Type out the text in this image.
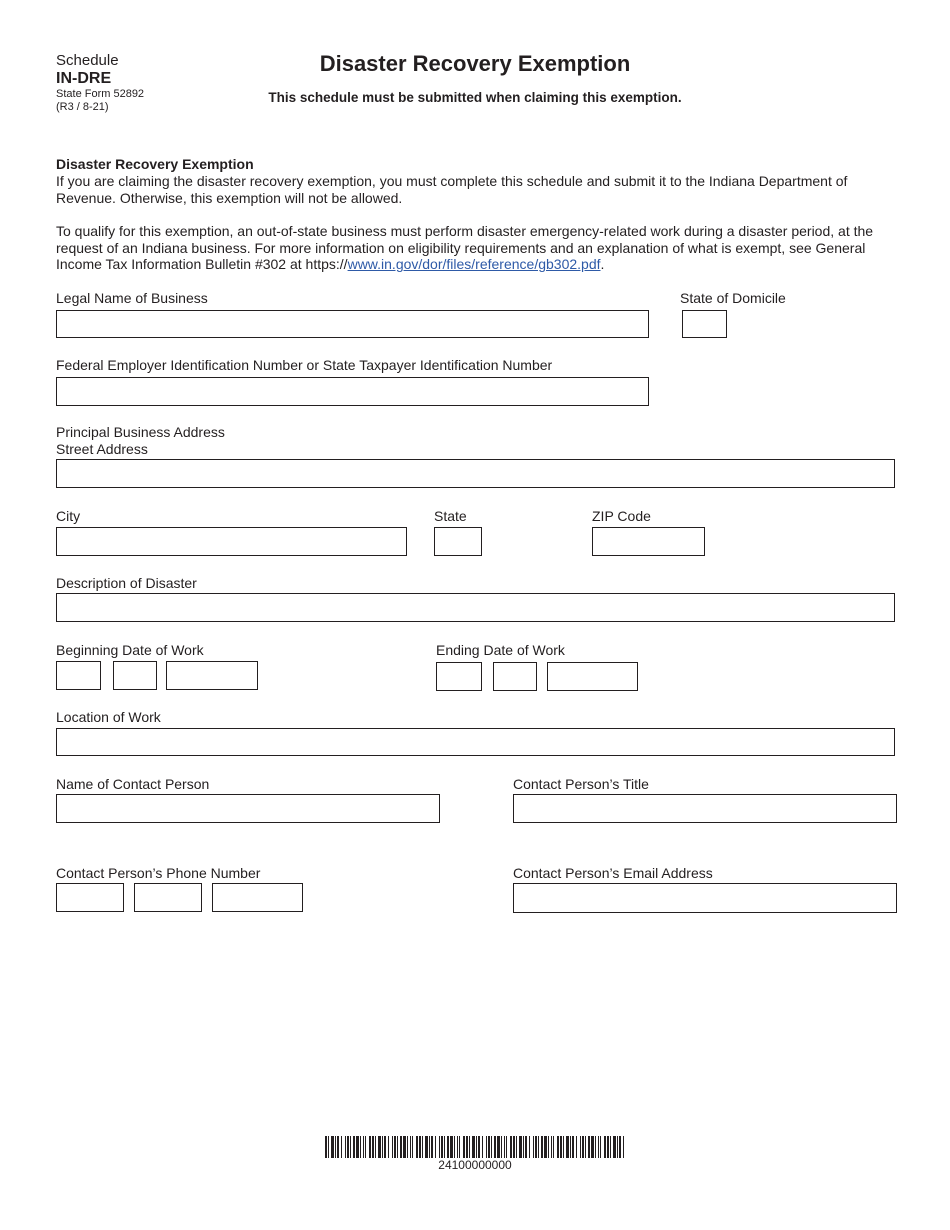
Schedule
IN-DRE
State Form 52892
(R3 / 8-21)
Disaster Recovery Exemption
This schedule must be submitted when claiming this exemption.
Disaster Recovery Exemption
If you are claiming the disaster recovery exemption, you must complete this schedule and submit it to the Indiana Department of Revenue. Otherwise, this exemption will not be allowed.
To qualify for this exemption, an out-of-state business must perform disaster emergency-related work during a disaster period, at the request of an Indiana business. For more information on eligibility requirements and an explanation of what is exempt, see General Income Tax Information Bulletin #302 at https://www.in.gov/dor/files/reference/gb302.pdf.
Legal Name of Business	State of Domicile
Federal Employer Identification Number or State Taxpayer Identification Number
Principal Business Address
Street Address
City	State	ZIP Code
Description of Disaster
Beginning Date of Work	Ending Date of Work
Location of Work
Name of Contact Person	Contact Person’s Title
Contact Person’s Phone Number	Contact Person’s Email Address
24100000000
